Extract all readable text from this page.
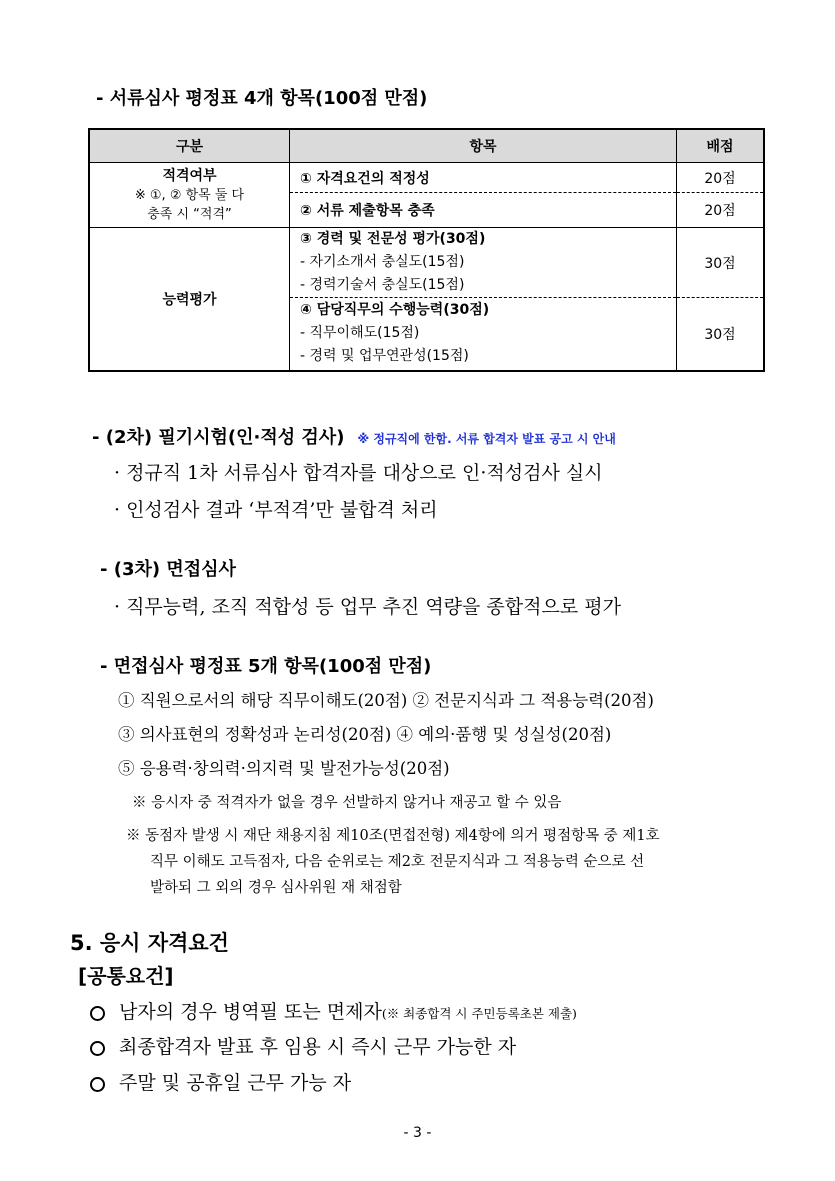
- 서류심사 평정표 4개 항목(100점 만점)
구분	항목	배점

적격여부
※ ①, ② 항목 둘 다
충족 시 “적격”	① 자격요건의 적정성	20점
	② 서류 제출항목 충족	20점
능력평가	③ 경력 및 전문성 평가(30점)
- 자기소개서 충실도(15점)
- 경력기술서 충실도(15점)	30점

	④ 담당직무의 수행능력(30점)
- 직무이해도(15점)
- 경력 및 업무연관성(15점)	30점
- (2차) 필기시험(인·적성 검사) ※ 정규직에 한함. 서류 합격자 발표 공고 시 안내
· 정규직 1차 서류심사 합격자를 대상으로 인·적성검사 실시
· 인성검사 결과 ‘부적격’만 불합격 처리
- (3차) 면접심사
· 직무능력, 조직 적합성 등 업무 추진 역량을 종합적으로 평가
- 면접심사 평정표 5개 항목(100점 만점)
① 직원으로서의 해당 직무이해도(20점) ② 전문지식과 그 적용능력(20점)
③ 의사표현의 정확성과 논리성(20점) ④ 예의·품행 및 성실성(20점)
⑤ 응용력·창의력·의지력 및 발전가능성(20점)
※ 응시자 중 적격자가 없을 경우 선발하지 않거나 재공고 할 수 있음
※ 동점자 발생 시 재단 채용지침 제10조(면접전형) 제4항에 의거 평점항목 중 제1호
직무 이해도 고득점자, 다음 순위로는 제2호 전문지식과 그 적용능력 순으로 선
발하되 그 외의 경우 심사위원 재 채점함
5. 응시 자격요건
[공통요건]
남자의 경우 병역필 또는 면제자(※ 최종합격 시 주민등록초본 제출)
최종합격자 발표 후 임용 시 즉시 근무 가능한 자
주말 및 공휴일 근무 가능 자
- 3 -
